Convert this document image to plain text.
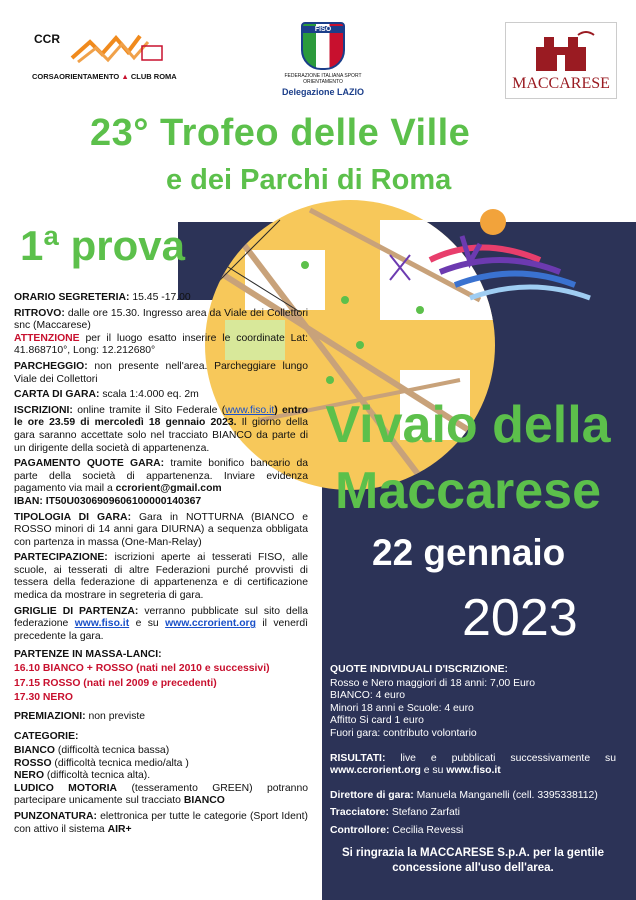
CCR
CORSAORIENTAMENTO ▲ CLUB ROMA
FISO
FEDERAZIONE ITALIANA SPORT ORIENTAMENTO
Delegazione LAZIO	MACCARESE
23° Trofeo delle Ville
e dei Parchi di Roma
1ª prova
Vivaio della Maccarese
22 gennaio
2023

ORARIO SEGRETERIA: 15.45 -17.00

RITROVO: dalle ore 15.30. Ingresso area da Viale dei Collettori snc (Maccarese)

ATTENZIONE per il luogo esatto inserire le coordinate Lat: 41.868710°, Long: 12.212680°

PARCHEGGIO: non presente nell'area. Parcheggiare lungo Viale dei Collettori

CARTA DI GARA: scala 1:4.000 eq. 2m

ISCRIZIONI: online tramite il Sito Federale (www.fiso.it) entro le ore 23.59 di mercoledì 18 gennaio 2023. Il giorno della gara saranno accettate solo nel tracciato BIANCO da parte di un dirigente della società di appartenenza.

PAGAMENTO QUOTE GARA: tramite bonifico bancario da parte della società di appartenenza. Inviare evidenza pagamento via mail a ccrorient@gmail.com

IBAN: IT50U0306909606100000140367

TIPOLOGIA DI GARA: Gara in NOTTURNA (BIANCO e ROSSO minori di 14 anni gara DIURNA) a sequenza obbligata con partenza in massa (One-Man-Relay)

PARTECIPAZIONE: iscrizioni aperte ai tesserati FISO, alle scuole, ai tesserati di altre Federazioni purché provvisti di tessera della federazione di appartenenza e di certificazione medica da mostrare in segreteria di gara.

GRIGLIE DI PARTENZA: verranno pubblicate sul sito della federazione www.fiso.it e su www.ccrorient.org il venerdì precedente la gara.

PARTENZE IN MASSA-LANCI:

16.10 BIANCO + ROSSO (nati nel 2010 e successivi)

17.15 ROSSO (nati nel 2009 e precedenti)

17.30 NERO

PREMIAZIONI: non previste

CATEGORIE:

BIANCO (difficoltà tecnica bassa)

ROSSO (difficoltà tecnica medio/alta )

NERO (difficoltà tecnica alta).

LUDICO MOTORIA (tesseramento GREEN) potranno partecipare unicamente sul tracciato BIANCO

PUNZONATURA: elettronica per tutte le categorie (Sport Ident) con attivo il sistema AIR+

QUOTE INDIVIDUALI D'ISCRIZIONE:

Rosso e Nero maggiori di 18 anni: 7,00 Euro

BIANCO: 4 euro

Minori 18 anni e Scuole: 4 euro

Affitto Si card 1 euro

Fuori gara: contributo volontario

RISULTATI: live e pubblicati successivamente su www.ccrorient.org e su www.fiso.it

Direttore di gara: Manuela Manganelli (cell. 3395338112)

Tracciatore: Stefano Zarfati

Controllore: Cecilia Revessi

Si ringrazia la MACCARESE S.p.A. per la gentile concessione all'uso dell'area.
